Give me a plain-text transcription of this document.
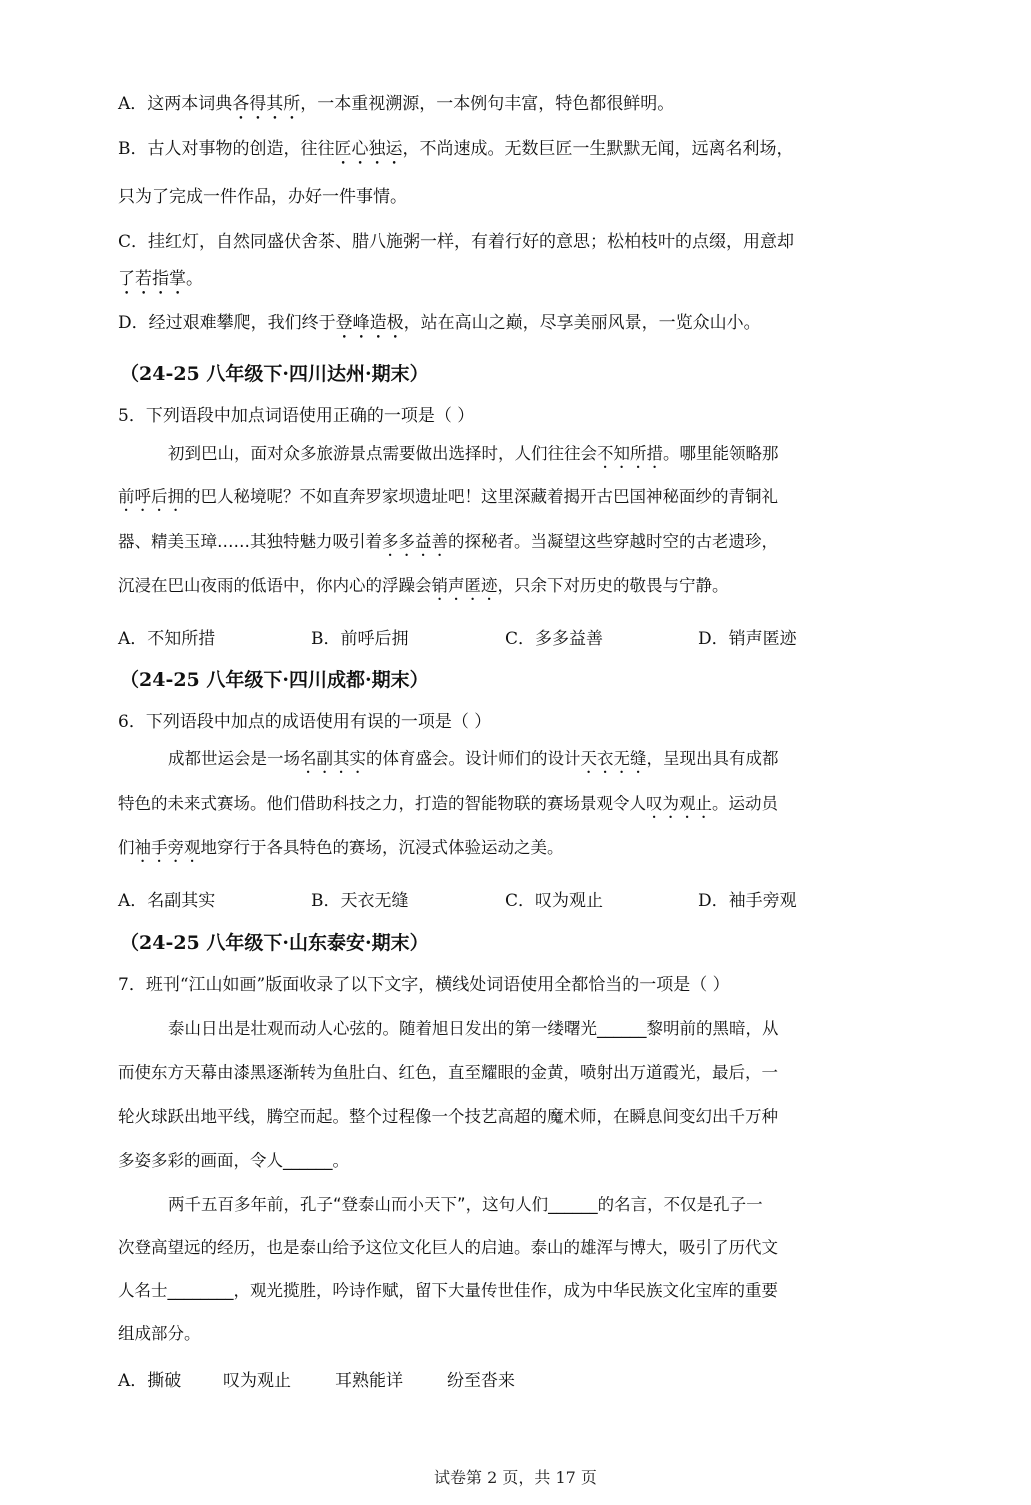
A．这两本词典各得其所，一本重视溯源，一本例句丰富，特色都很鲜明。
B．古人对事物的创造，往往匠心独运，不尚速成。无数巨匠一生默默无闻，远离名利场，
只为了完成一件作品，办好一件事情。
C．挂红灯，自然同盛伏舍茶、腊八施粥一样，有着行好的意思；松柏枝叶的点缀，用意却
了若指掌。
D．经过艰难攀爬，我们终于登峰造极，站在高山之巅，尽享美丽风景，一览众山小。
（24-25 八年级下·四川达州·期末）
5．下列语段中加点词语使用正确的一项是（ ）
初到巴山，面对众多旅游景点需要做出选择时，人们往往会不知所措。哪里能领略那
前呼后拥的巴人秘境呢？不如直奔罗家坝遗址吧！这里深藏着揭开古巴国神秘面纱的青铜礼
器、精美玉璋……其独特魅力吸引着多多益善的探秘者。当凝望这些穿越时空的古老遗珍，
沉浸在巴山夜雨的低语中，你内心的浮躁会销声匿迹，只余下对历史的敬畏与宁静。
A．不知所措	B．前呼后拥	C．多多益善	D．销声匿迹
（24-25 八年级下·四川成都·期末）
6．下列语段中加点的成语使用有误的一项是（ ）
成都世运会是一场名副其实的体育盛会。设计师们的设计天衣无缝，呈现出具有成都
特色的未来式赛场。他们借助科技之力，打造的智能物联的赛场景观令人叹为观止。运动员
们袖手旁观地穿行于各具特色的赛场，沉浸式体验运动之美。
A．名副其实	B．天衣无缝	C．叹为观止	D．袖手旁观
（24-25 八年级下·山东泰安·期末）
7．班刊“江山如画”版面收录了以下文字，横线处词语使用全都恰当的一项是（ ）
泰山日出是壮观而动人心弦的。随着旭日发出的第一缕曙光______黎明前的黑暗，从
而使东方天幕由漆黑逐渐转为鱼肚白、红色，直至耀眼的金黄，喷射出万道霞光，最后，一
轮火球跃出地平线，腾空而起。整个过程像一个技艺高超的魔术师，在瞬息间变幻出千万种
多姿多彩的画面，令人______。
两千五百多年前，孔子“登泰山而小天下”，这句人们______的名言，不仅是孔子一
次登高望远的经历，也是泰山给予这位文化巨人的启迪。泰山的雄浑与博大，吸引了历代文
人名士________，观光揽胜，吟诗作赋，留下大量传世佳作，成为中华民族文化宝库的重要
组成部分。
A．撕破 叹为观止	耳熟能详	纷至沓来
试卷第 2 页，共 17 页
